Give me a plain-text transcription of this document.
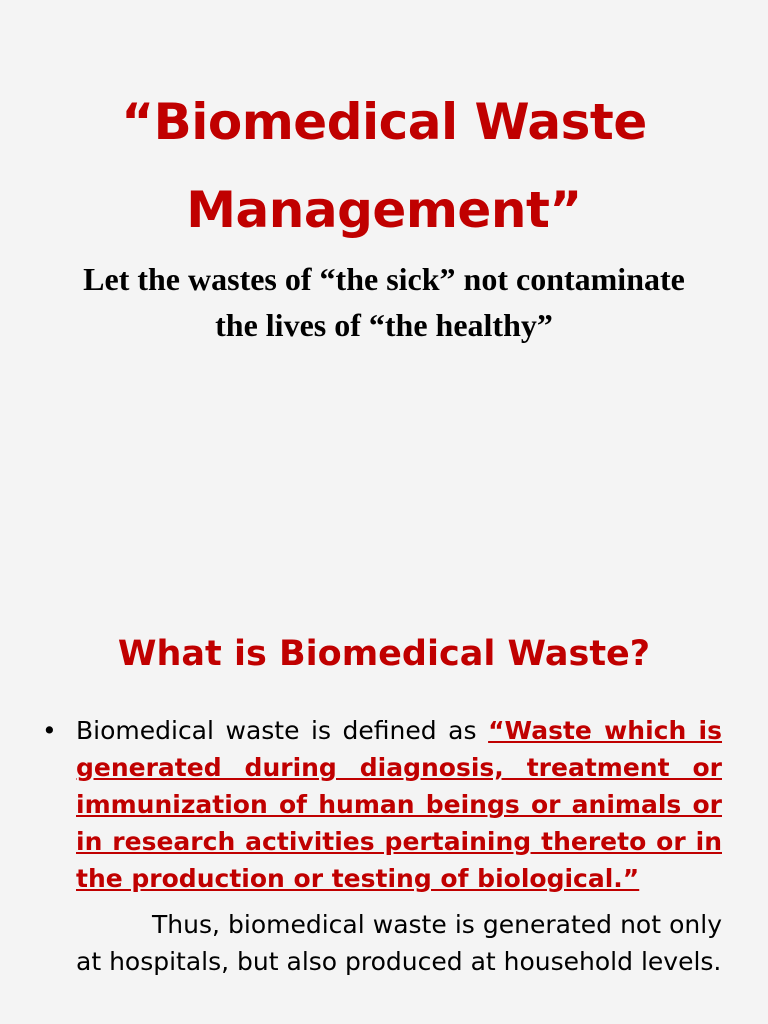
“Biomedical Waste Management”

Let the wastes of “the sick” not contaminate the lives of “the healthy”

What is Biomedical Waste?
• Biomedical waste is defined as “Waste which is generated during diagnosis, treatment or immunization of human beings or animals or in research activities pertaining thereto or in the production or testing of biological.”

Thus, biomedical waste is generated not only at hospitals, but also produced at household levels.
